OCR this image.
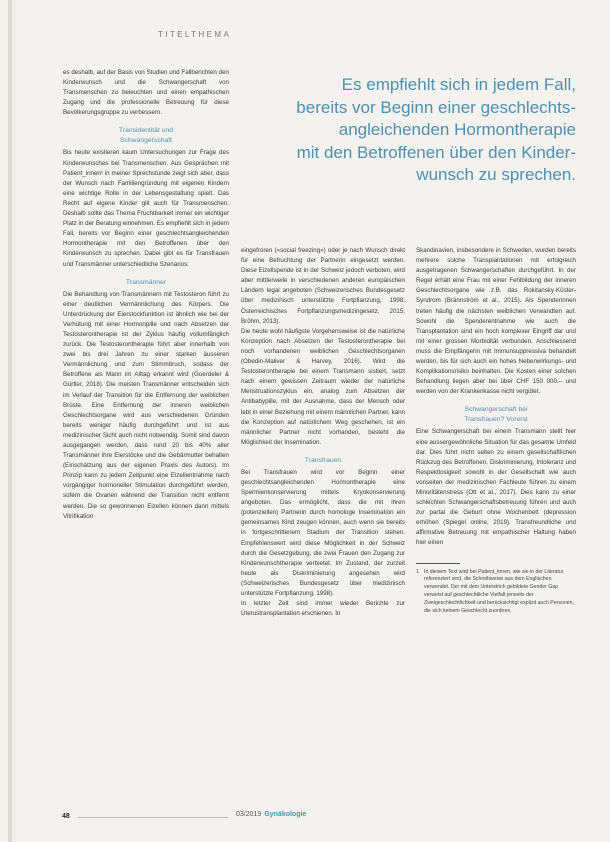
TITELTHEMA
Es empfiehlt sich in jedem Fall,
bereits vor Beginn einer geschlechts-
angleichenden Hormontherapie
mit den Betroffenen über den Kinder-
wunsch zu sprechen.

es deshalb, auf der Basis von Studien und Fallberichten den Kinderwunsch und die Schwangerschaft von Transmenschen zu beleuchten und einen empathischen Zugang und die professionelle Betreuung für diese Bevölkerungsgruppe zu verbessern.

Transidentität und
Schwangerschaft

Bis heute existieren kaum Untersuchungen zur Frage des Kinderwunsches bei Transmenschen. Aus Gesprächen mit Patient_innen¹ in meiner Sprechstunde zeigt sich aber, dass der Wunsch nach Familiengründung mit eigenen Kindern eine wichtige Rolle in der Lebensgestaltung spielt. Das Recht auf eigene Kinder gilt auch für Transmenschen. Deshalb sollte das Thema Fruchtbarkeit immer ein wichtiger Platz in der Beratung einnehmen. Es empfiehlt sich in jedem Fall, bereits vor Beginn einer geschlechtsangleichenden Hormontherapie mit den Betroffenen über den Kinderwunsch zu sprechen. Dabei gibt es für Transfrauen und Transmänner unterschiedliche Szenarios:

Transmänner

Die Behandlung von Transmännern mit Testosteron führt zu einer deutlichen Vermännlichung des Körpers. Die Unterdrückung der Eierstockfunktion ist ähnlich wie bei der Verhütung mit einer Hormonpille und nach Absetzen der Testosterontherapie ist der Zyklus häufig vollumfänglich zurück. Die Testosterontherapie führt aber innerhalb von zwei bis drei Jahren zu einer starken äusseren Vermännlichung und zum Stimmbruch, sodass der Betroffene als Mann im Alltag erkannt wird (Goerdeler & Gürtler, 2018). Die meisten Transmänner entscheiden sich im Verlauf der Transition für die Entfernung der weiblichen Brüste. Eine Entfernung der inneren weiblichen Geschlechtsorgane wird aus verschiedenen Gründen bereits weniger häufig durchgeführt und ist aus medizinischer Sicht auch nicht notwendig. Somit sind davon ausgegangen werden, dass rund 20 bis 40% aller Transmänner ihre Eierstöcke und die Gebärmutter behalten (Einschätzung aus der eigenen Praxis des Autors). Im Prinzip kann zu jedem Zeitpunkt eine Eizellentnahme nach vorgängiger hormoneller Stimulation durchgeführt werden, sofern die Ovarien während der Transition nicht entfernt werden. Die so gewonnenen Eizellen können dann mittels Vitrifikation

eingefroren («social freezing») oder je nach Wunsch direkt für eine Befruchtung der Partnerin eingesetzt werden. Diese Eizellspende ist in der Schweiz jedoch verboten, wird aber mittlerweile in verschiedenen anderen europäischen Ländern legal angeboten (Schweizerisches Bundesgesetz über medizinisch unterstützte Fortpflanzung, 1998; Österreichisches Fortpflanzungsmedizingesetz, 2015; Bröhm, 2013).

Die heute wohl häufigste Vorgehensweise ist die natürliche Konzeption nach Absetzen der Testosterontherapie bei noch vorhandenen weiblichen Geschlechtsorganen (Obedin-Maliver & Harvey, 2016). Wird die Testosterontherapie bei einem Transmann sistiert, setzt nach einem gewissen Zeitraum wieder der natürliche Menstruationszyklus ein, analog zum Absetzen der Antibabypille, mit der Ausnahme, dass der Mensch oder lebt in einer Beziehung mit einem männlichen Partner, kann die Konzeption auf natürlichem Weg geschehen, ist ein männlicher Partner nicht vorhanden, besteht die Möglichkeit der Insemination.

Transfrauen

Bei Transfrauen wird vor Beginn einer geschlechtsangleichenden Hormontherapie eine Spermienkonservierung mittels Kryokonservierung angeboten. Das ermöglicht, dass die mit ihren (potenziellen) Partnerin durch homologe Insemination ein gemeinsames Kind zeugen können, auch wenn sie bereits in fortgeschrittenem Stadium der Transition stehen. Empfehlenswert wird diese Möglichkeit in der Schweiz durch die Gesetzgebung, die zwei Frauen den Zugang zur Kinderwunschtherapie verbietet. Im Zustand, der zurzeit heute als Diskriminierung angesehen wird (Schweizerisches Bundesgesetz über medizinisch unterstützte Fortpflanzung, 1998).

In letzter Zeit sind immer wieder Berichte zur Uterustransplantation erschienen. In

Skandinavien, insbesondere in Schweden, wurden bereits mehrere solche Transplantationen mit erfolgreich ausgetragenen Schwangerschaften durchgeführt. In der Regel erhält eine Frau mit einer Fehlbildung der inneren Geschlechtsorgane wie z.B. das Rokitansky-Küster-Syndrom (Brännström et al., 2015). Als Spenderinnen treten häufig die nächsten weiblichen Verwandten auf. Sowohl die Spenderentnahme wie auch die Transplantation sind ein hoch komplexer Eingriff dar und mit einer grossen Morbidität verbunden. Anschliessend muss die Empfängerin mit Immunsuppressiva behandelt werden, bis für sich auch ein hohes Nebenwirkungs- und Komplikationsrisiko beinhalten. Die Kosten einer solchen Behandlung liegen aber bei über CHF 150 000.– und werden von der Krankenkasse nicht vergütet.

Schwangerschaft bei
Transfrauen? Vorerst

Eine Schwangerschaft bei einem Transmann stellt hier eine aussergewöhnliche Situation für das gesamte Umfeld dar. Dies führt nicht selten zu einem gesellschaftlichen Rückzug des Betroffenen. Diskriminierung, Intoleranz und Respektlosigkeit sowohl in der Gesellschaft wie auch vonseiten der medizinischen Fachleute führen zu einem Minoritätenstress (Ott et al., 2017). Dies kann zu einer schlechten Schwangerschaftsbetreuung führen und auch zur partal die Geburt ohne Wochenbett (depression erhöhen (Spiegel online, 2019). Transfreundliche und affirmative Betreuung mit empathischer Haltung haben hier einen

1 In diesem Text wird bei Patient_innen, wie sie in der Literatur referenziert sind, die Schreibweise aus dem Englischen verwendet. Der mit dem Unterstrich gebildete Gender Gap verweist auf geschlechtliche Vielfalt jenseits der Zweigeschlechtlichkeit und berücksichtigt explizit auch Personen, die sich keinem Geschlecht zuordnen.
48	03/2019 Gynäkologie
